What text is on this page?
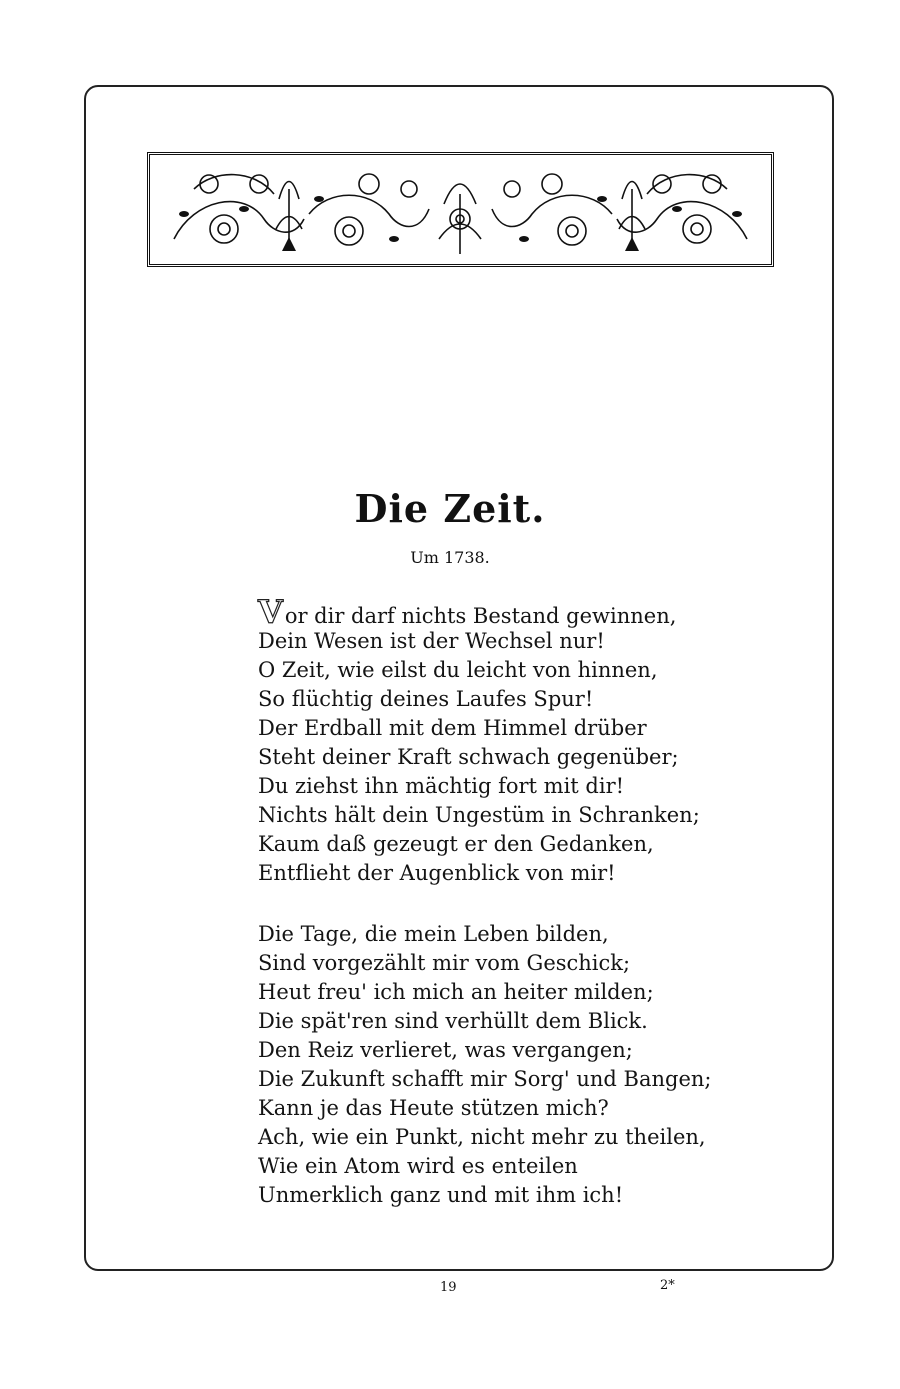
Die Zeit.
Um 1738.
Vor dir darf nichts Bestand gewinnen,
Dein Wesen ist der Wechsel nur!
O Zeit, wie eilst du leicht von hinnen,
So flüchtig deines Laufes Spur!
Der Erdball mit dem Himmel drüber
Steht deiner Kraft schwach gegenüber;
Du ziehst ihn mächtig fort mit dir!
Nichts hält dein Ungestüm in Schranken;
Kaum daß gezeugt er den Gedanken,
Entflieht der Augenblick von mir!
Die Tage, die mein Leben bilden,
Sind vorgezählt mir vom Geschick;
Heut freu' ich mich an heiter milden;
Die spät'ren sind verhüllt dem Blick.
Den Reiz verlieret, was vergangen;
Die Zukunft schafft mir Sorg' und Bangen;
Kann je das Heute stützen mich?
Ach, wie ein Punkt, nicht mehr zu theilen,
Wie ein Atom wird es enteilen
Unmerklich ganz und mit ihm ich!
19	2*
